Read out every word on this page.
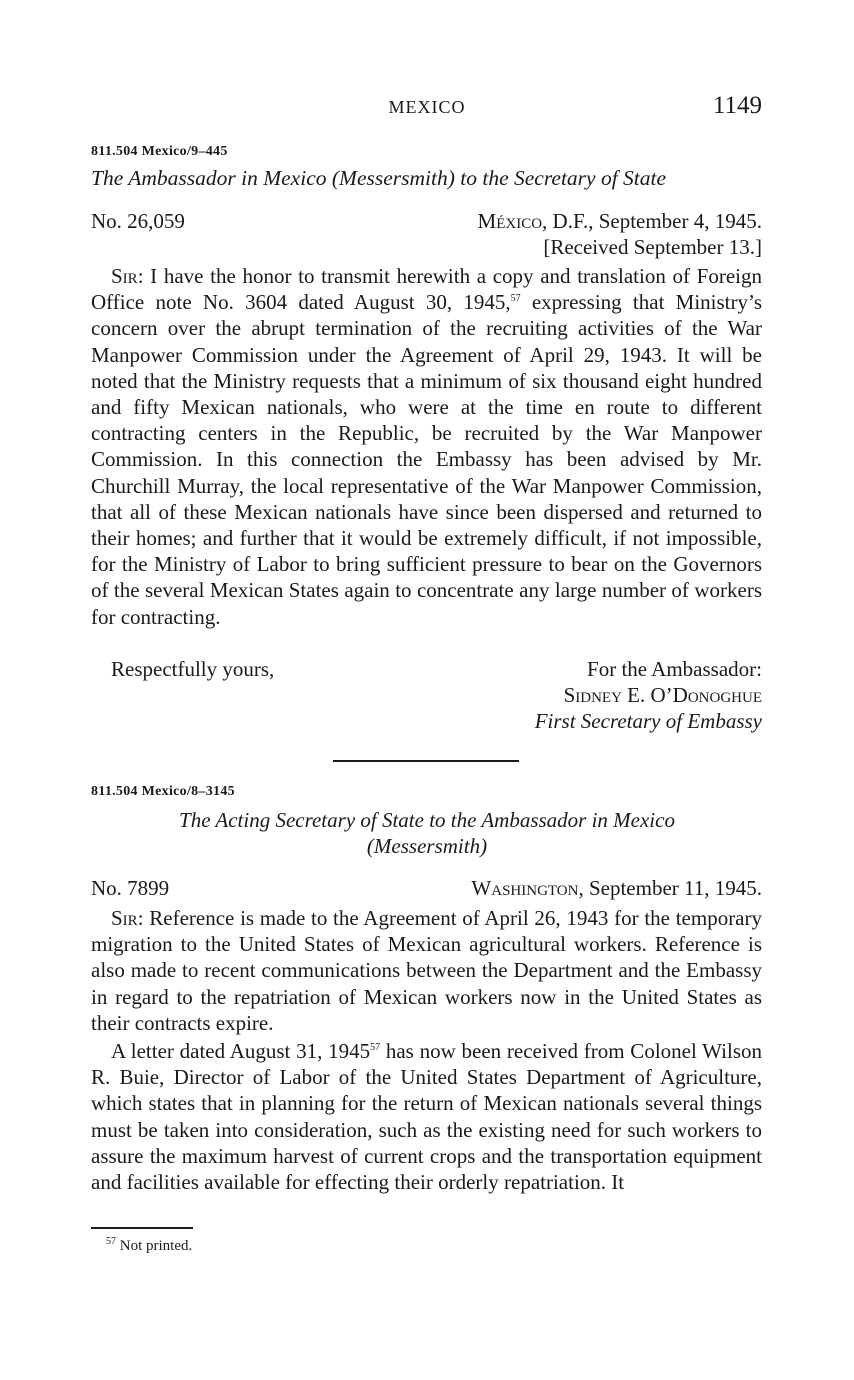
MEXICO	1149
811.504 Mexico/9–445
The Ambassador in Mexico (Messersmith) to the Secretary of State
No. 26,059	México, D.F., September 4, 1945.
[Received September 13.]

Sir: I have the honor to transmit herewith a copy and translation of Foreign Office note No. 3604 dated August 30, 1945,57 expressing that Ministry’s concern over the abrupt termination of the recruiting activities of the War Manpower Commission under the Agreement of April 29, 1943. It will be noted that the Ministry requests that a minimum of six thousand eight hundred and fifty Mexican nationals, who were at the time en route to different contracting centers in the Republic, be recruited by the War Manpower Commission. In this connection the Embassy has been advised by Mr. Churchill Murray, the local representative of the War Manpower Commission, that all of these Mexican nationals have since been dispersed and returned to their homes; and further that it would be extremely difficult, if not impossible, for the Ministry of Labor to bring sufficient pressure to bear on the Governors of the several Mexican States again to concentrate any large number of workers for contracting.

Respectfully yours,	For the Ambassador:
Sidney E. O’Donoghue
First Secretary of Embassy
811.504 Mexico/8–3145
The Acting Secretary of State to the Ambassador in Mexico
(Messersmith)
No. 7899	Washington, September 11, 1945.

Sir: Reference is made to the Agreement of April 26, 1943 for the temporary migration to the United States of Mexican agricultural workers. Reference is also made to recent communications between the Department and the Embassy in regard to the repatriation of Mexican workers now in the United States as their contracts expire.

A letter dated August 31, 1945$^{57}$ has now been received from Colonel Wilson R. Buie, Director of Labor of the United States Department of Agriculture, which states that in planning for the return of Mexican nationals several things must be taken into consideration, such as the existing need for such workers to assure the maximum harvest of current crops and the transportation equipment and facilities available for effecting their orderly repatriation. It

$^{57}$ Not printed.
